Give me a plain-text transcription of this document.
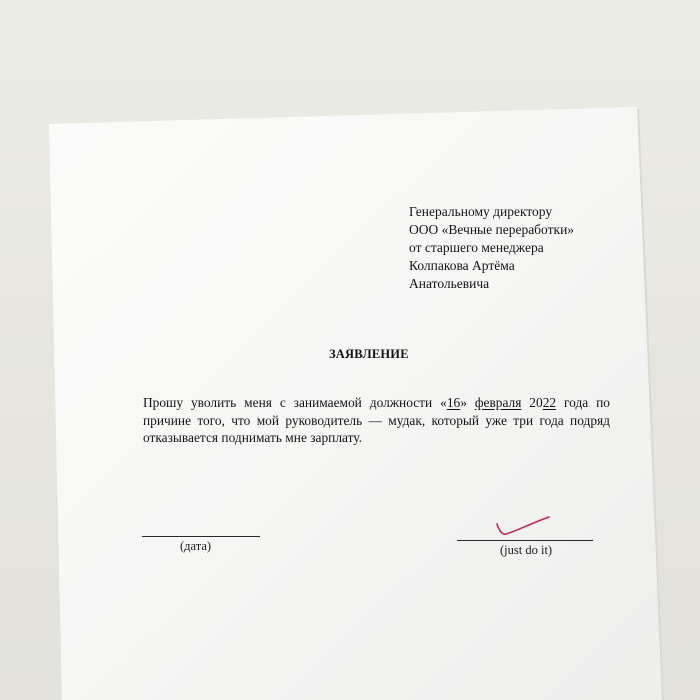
Генеральному директору
ООО «Вечные переработки»
от старшего менеджера
Колпакова Артёма
Анатольевича
ЗАЯВЛЕНИЕ
Прошу уволить меня с занимаемой должности «16» февраля 2022 года по причине того, что мой руководитель — мудак, который уже три года подряд отказывается поднимать мне зарплату.
(дата)	(just do it)
